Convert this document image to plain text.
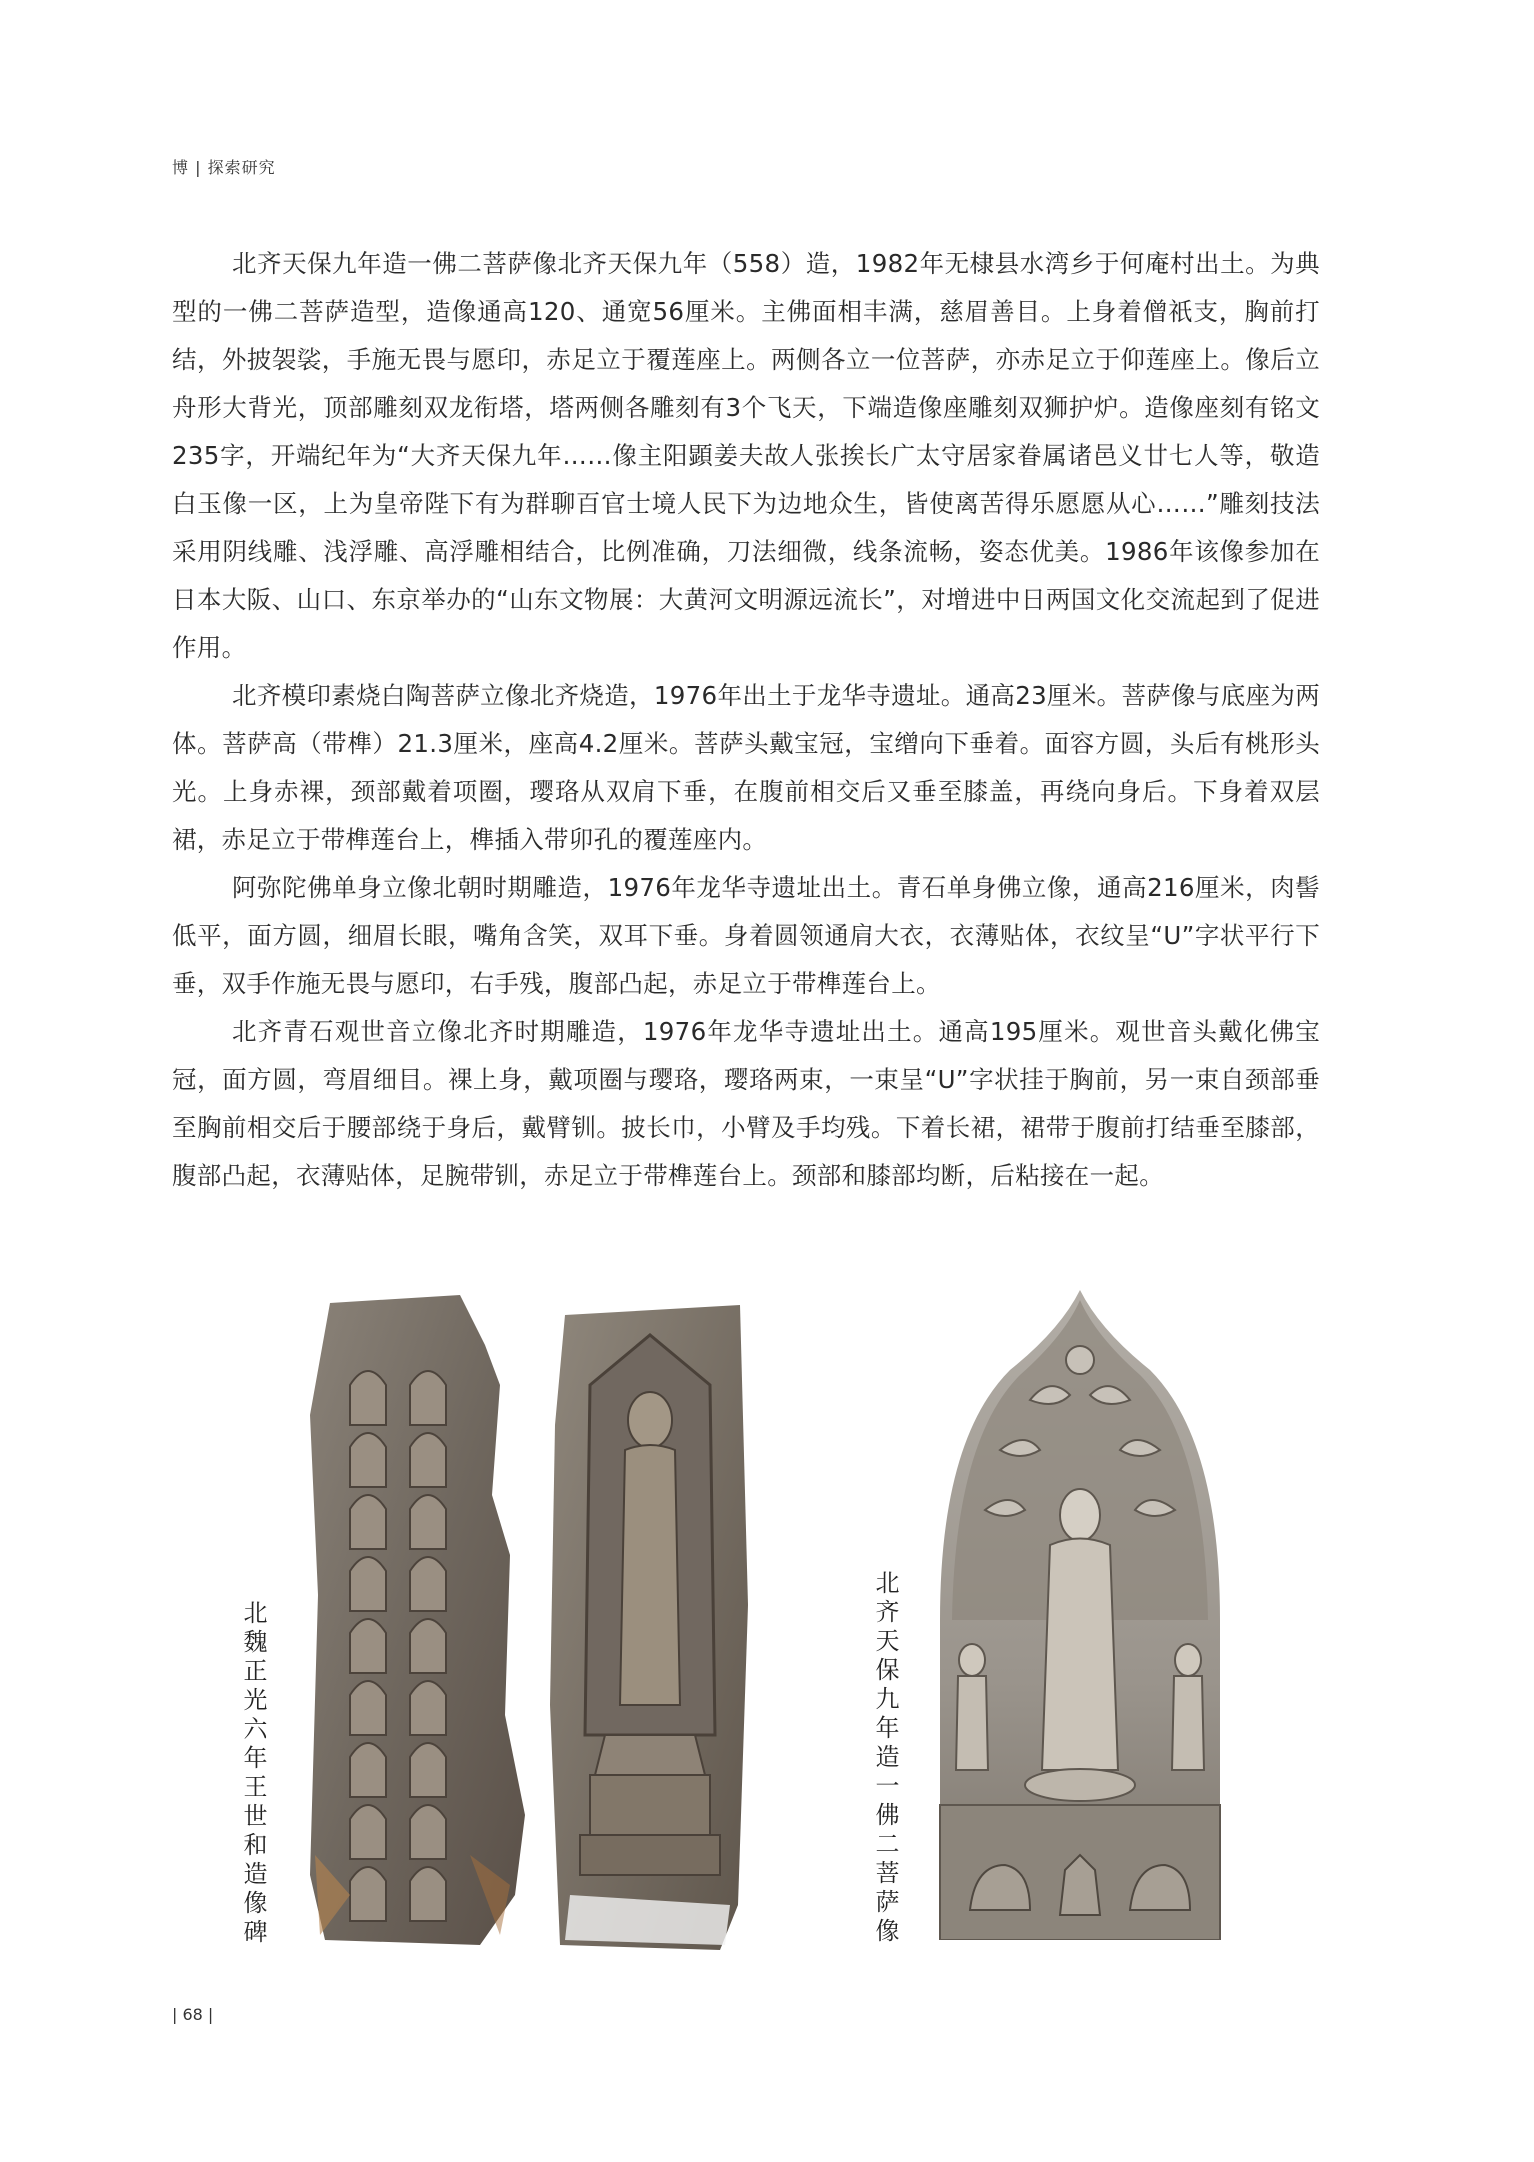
博 | 探索研究

北齐天保九年造一佛二菩萨像北齐天保九年（558）造，1982年无棣县水湾乡于何庵村出土。为典型的一佛二菩萨造型，造像通高120、通宽56厘米。主佛面相丰满，慈眉善目。上身着僧祇支，胸前打结，外披袈裟，手施无畏与愿印，赤足立于覆莲座上。两侧各立一位菩萨，亦赤足立于仰莲座上。像后立舟形大背光，顶部雕刻双龙衔塔，塔两侧各雕刻有3个飞天，下端造像座雕刻双狮护炉。造像座刻有铭文235字，开端纪年为“大齐天保九年……像主阳顕姜夫故人张挨长广太守居家眷属诸邑义廿七人等，敬造白玉像一区，上为皇帝陛下有为群聊百官士境人民下为边地众生，皆使离苦得乐愿愿从心……”雕刻技法采用阴线雕、浅浮雕、高浮雕相结合，比例准确，刀法细微，线条流畅，姿态优美。1986年该像参加在日本大阪、山口、东京举办的“山东文物展：大黄河文明源远流长”，对增进中日两国文化交流起到了促进作用。

北齐模印素烧白陶菩萨立像北齐烧造，1976年出土于龙华寺遗址。通高23厘米。菩萨像与底座为两体。菩萨高（带榫）21.3厘米，座高4.2厘米。菩萨头戴宝冠，宝缯向下垂着。面容方圆，头后有桃形头光。上身赤裸，颈部戴着项圈，璎珞从双肩下垂，在腹前相交后又垂至膝盖，再绕向身后。下身着双层裙，赤足立于带榫莲台上，榫插入带卯孔的覆莲座内。

阿弥陀佛单身立像北朝时期雕造，1976年龙华寺遗址出土。青石单身佛立像，通高216厘米，肉髻低平，面方圆，细眉长眼，嘴角含笑，双耳下垂。身着圆领通肩大衣，衣薄贴体，衣纹呈“U”字状平行下垂，双手作施无畏与愿印，右手残，腹部凸起，赤足立于带榫莲台上。

北齐青石观世音立像北齐时期雕造，1976年龙华寺遗址出土。通高195厘米。观世音头戴化佛宝冠，面方圆，弯眉细目。裸上身，戴项圈与璎珞，璎珞两束，一束呈“U”字状挂于胸前，另一束自颈部垂至胸前相交后于腰部绕于身后，戴臂钏。披长巾，小臂及手均残。下着长裙，裙带于腹前打结垂至膝部，腹部凸起，衣薄贴体，足腕带钏，赤足立于带榫莲台上。颈部和膝部均断，后粘接在一起。

北魏正光六年王世和造像碑	北齐天保九年造一佛二菩萨像
| 68 |
